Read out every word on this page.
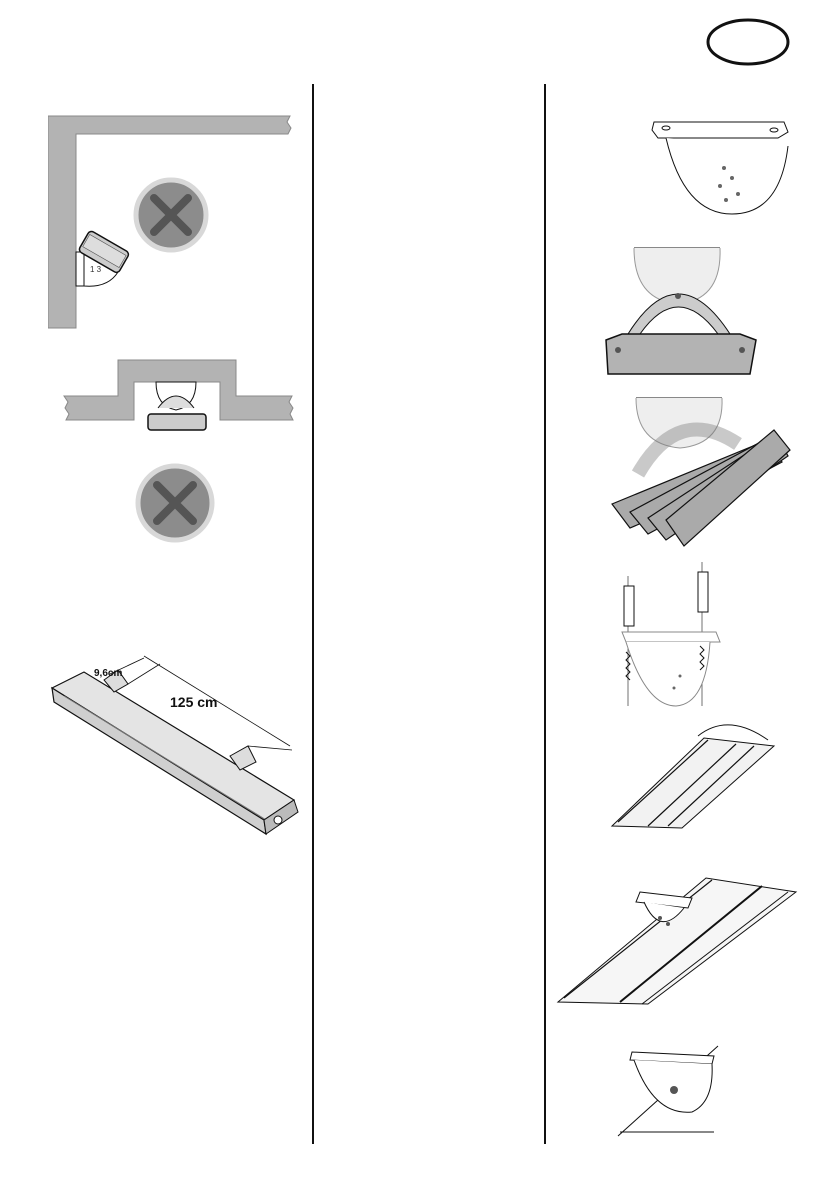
1 3
9,6cm
125 cm
